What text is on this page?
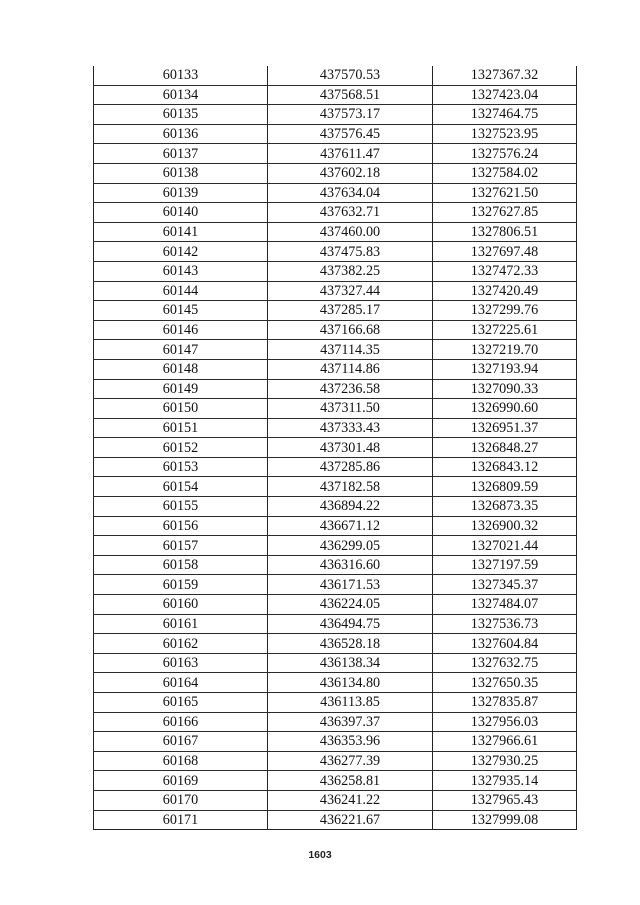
60133	437570.53	1327367.32
60134	437568.51	1327423.04
60135	437573.17	1327464.75
60136	437576.45	1327523.95
60137	437611.47	1327576.24
60138	437602.18	1327584.02
60139	437634.04	1327621.50
60140	437632.71	1327627.85
60141	437460.00	1327806.51
60142	437475.83	1327697.48
60143	437382.25	1327472.33
60144	437327.44	1327420.49
60145	437285.17	1327299.76
60146	437166.68	1327225.61
60147	437114.35	1327219.70
60148	437114.86	1327193.94
60149	437236.58	1327090.33
60150	437311.50	1326990.60
60151	437333.43	1326951.37
60152	437301.48	1326848.27
60153	437285.86	1326843.12
60154	437182.58	1326809.59
60155	436894.22	1326873.35
60156	436671.12	1326900.32
60157	436299.05	1327021.44
60158	436316.60	1327197.59
60159	436171.53	1327345.37
60160	436224.05	1327484.07
60161	436494.75	1327536.73
60162	436528.18	1327604.84
60163	436138.34	1327632.75
60164	436134.80	1327650.35
60165	436113.85	1327835.87
60166	436397.37	1327956.03
60167	436353.96	1327966.61
60168	436277.39	1327930.25
60169	436258.81	1327935.14
60170	436241.22	1327965.43
60171	436221.67	1327999.08
1603
